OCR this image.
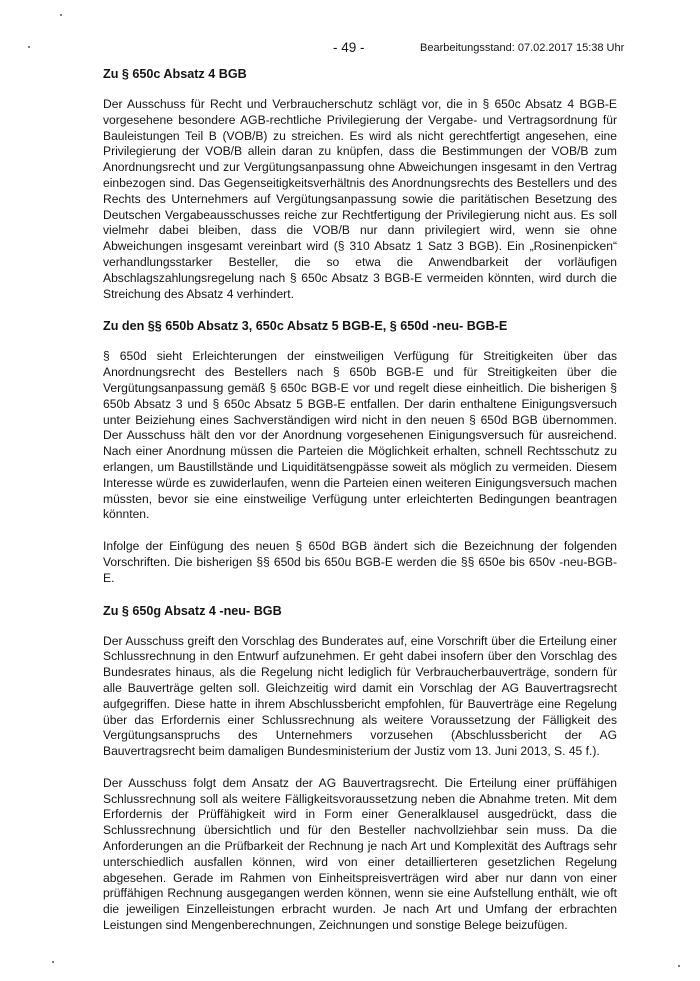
- 49 -	Bearbeitungsstand: 07.02.2017 15:38 Uhr
Zu § 650c Absatz 4 BGB

Der Ausschuss für Recht und Verbraucherschutz schlägt vor, die in § 650c Absatz 4 BGB-E vorgesehene besondere AGB-rechtliche Privilegierung der Vergabe- und Vertragsordnung für Bauleistungen Teil B (VOB/B) zu streichen. Es wird als nicht gerechtfertigt angesehen, eine Privilegierung der VOB/B allein daran zu knüpfen, dass die Bestimmungen der VOB/B zum Anordnungsrecht und zur Vergütungsanpassung ohne Abweichungen insgesamt in den Vertrag einbezogen sind. Das Gegenseitigkeitsverhältnis des Anordnungsrechts des Bestellers und des Rechts des Unternehmers auf Vergütungsanpassung sowie die paritätischen Besetzung des Deutschen Vergabeausschusses reiche zur Rechtfertigung der Privilegierung nicht aus. Es soll vielmehr dabei bleiben, dass die VOB/B nur dann privilegiert wird, wenn sie ohne Abweichungen insgesamt vereinbart wird (§ 310 Absatz 1 Satz 3 BGB). Ein „Rosinenpicken“ verhandlungsstarker Besteller, die so etwa die Anwendbarkeit der vorläufigen Abschlagszahlungsregelung nach § 650c Absatz 3 BGB-E vermeiden könnten, wird durch die Streichung des Absatz 4 verhindert.

Zu den §§ 650b Absatz 3, 650c Absatz 5 BGB-E, § 650d -neu- BGB-E

§ 650d sieht Erleichterungen der einstweiligen Verfügung für Streitigkeiten über das Anordnungsrecht des Bestellers nach § 650b BGB-E und für Streitigkeiten über die Vergütungsanpassung gemäß § 650c BGB-E vor und regelt diese einheitlich. Die bisherigen § 650b Absatz 3 und § 650c Absatz 5 BGB-E entfallen. Der darin enthaltene Einigungsversuch unter Beiziehung eines Sachverständigen wird nicht in den neuen § 650d BGB übernommen. Der Ausschuss hält den vor der Anordnung vorgesehenen Einigungsversuch für ausreichend. Nach einer Anordnung müssen die Parteien die Möglichkeit erhalten, schnell Rechtsschutz zu erlangen, um Baustillstände und Liquiditätsengpässe soweit als möglich zu vermeiden. Diesem Interesse würde es zuwiderlaufen, wenn die Parteien einen weiteren Einigungsversuch machen müssten, bevor sie eine einstweilige Verfügung unter erleichterten Bedingungen beantragen könnten.

Infolge der Einfügung des neuen § 650d BGB ändert sich die Bezeichnung der folgenden Vorschriften. Die bisherigen §§ 650d bis 650u BGB-E werden die §§ 650e bis 650v -neu-BGB-E.

Zu § 650g Absatz 4 -neu- BGB

Der Ausschuss greift den Vorschlag des Bunderates auf, eine Vorschrift über die Erteilung einer Schlussrechnung in den Entwurf aufzunehmen. Er geht dabei insofern über den Vorschlag des Bundesrates hinaus, als die Regelung nicht lediglich für Verbraucherbauverträge, sondern für alle Bauverträge gelten soll. Gleichzeitig wird damit ein Vorschlag der AG Bauvertragsrecht aufgegriffen. Diese hatte in ihrem Abschlussbericht empfohlen, für Bauverträge eine Regelung über das Erfordernis einer Schlussrechnung als weitere Voraussetzung der Fälligkeit des Vergütungsanspruchs des Unternehmers vorzusehen (Abschlussbericht der AG Bauvertragsrecht beim damaligen Bundesministerium der Justiz vom 13. Juni 2013, S. 45 f.).

Der Ausschuss folgt dem Ansatz der AG Bauvertragsrecht. Die Erteilung einer prüffähigen Schlussrechnung soll als weitere Fälligkeitsvoraussetzung neben die Abnahme treten. Mit dem Erfordernis der Prüffähigkeit wird in Form einer Generalklausel ausgedrückt, dass die Schlussrechnung übersichtlich und für den Besteller nachvollziehbar sein muss. Da die Anforderungen an die Prüfbarkeit der Rechnung je nach Art und Komplexität des Auftrags sehr unterschiedlich ausfallen können, wird von einer detaillierteren gesetzlichen Regelung abgesehen. Gerade im Rahmen von Einheitspreisverträgen wird aber nur dann von einer prüffähigen Rechnung ausgegangen werden können, wenn sie eine Aufstellung enthält, wie oft die jeweiligen Einzelleistungen erbracht wurden. Je nach Art und Umfang der erbrachten Leistungen sind Mengenberechnungen, Zeichnungen und sonstige Belege beizufügen.
